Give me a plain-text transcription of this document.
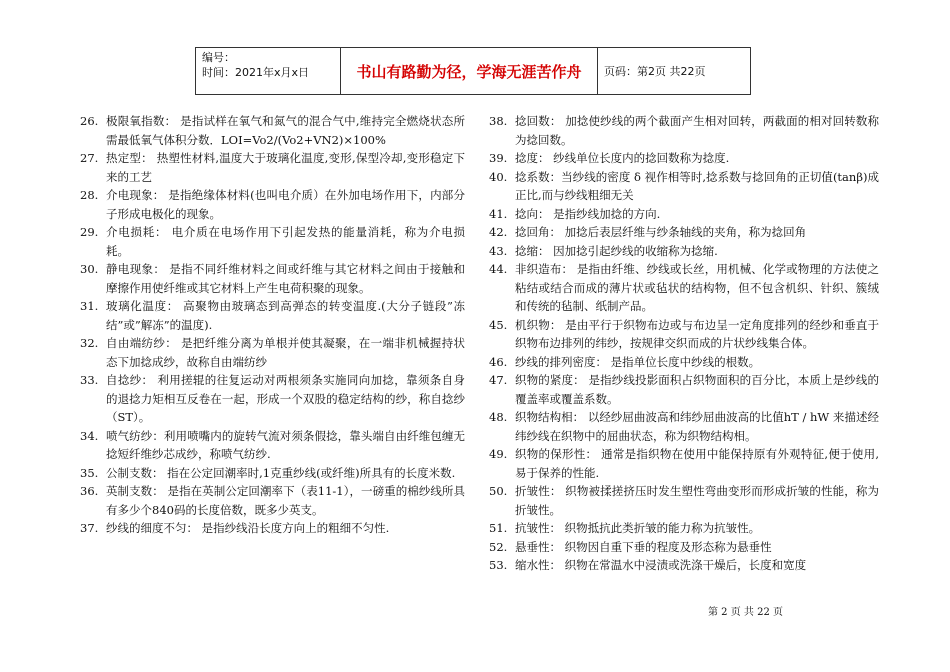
编号：
时间：2021年x月x日	书山有路勤为径，学海无涯苦作舟	页码：第2页 共22页
26. 极限氧指数： 是指试样在氧气和氮气的混合气中,维持完全燃烧状态所需最低氧气体积分数．LOI=Vo2/(Vo2+VN2)×100%
27. 热定型： 热塑性材料,温度大于玻璃化温度,变形,保型冷却,变形稳定下来的工艺
28. 介电现象： 是指绝缘体材料(也叫电介质）在外加电场作用下，内部分子形成电极化的现象。
29. 介电损耗： 电介质在电场作用下引起发热的能量消耗，称为介电损耗。
30. 静电现象： 是指不同纤维材料之间或纤维与其它材料之间由于接触和摩擦作用使纤维或其它材料上产生电荷积聚的现象。
31. 玻璃化温度： 高聚物由玻璃态到高弹态的转变温度.(大分子链段”冻结”或”解冻”的温度).
32. 自由端纺纱： 是把纤维分离为单根并使其凝聚，在一端非机械握持状态下加捻成纱，故称自由端纺纱
33. 自捻纱： 利用搓辊的往复运动对两根须条实施同向加捻，靠须条自身的退捻力矩相互反卷在一起，形成一个双股的稳定结构的纱，称自捻纱（ST）。
34. 喷气纺纱：利用喷嘴内的旋转气流对须条假捻，靠头端自由纤维包缠无捻短纤维纱芯成纱，称喷气纺纱.
35. 公制支数： 指在公定回潮率时,1克重纱线(或纤维)所具有的长度米数.
36. 英制支数： 是指在英制公定回潮率下（表11-1），一磅重的棉纱线所具有多少个840码的长度倍数，既多少英支。
37. 纱线的细度不匀： 是指纱线沿长度方向上的粗细不匀性.
38. 捻回数： 加捻使纱线的两个截面产生相对回转，两截面的相对回转数称为捻回数。
39. 捻度： 纱线单位长度内的捻回数称为捻度.
40. 捻系数：当纱线的密度 δ 视作相等时,捻系数与捻回角的正切值(tanβ)成正比,而与纱线粗细无关
41. 捻向： 是指纱线加捻的方向.
42. 捻回角： 加捻后表层纤维与纱条轴线的夹角，称为捻回角
43. 捻缩： 因加捻引起纱线的收缩称为捻缩.
44. 非织造布： 是指由纤维、纱线或长丝，用机械、化学或物理的方法使之粘结或结合而成的薄片状或毡状的结构物，但不包含机织、针织、簇绒和传统的毡制、纸制产品。
45. 机织物： 是由平行于织物布边或与布边呈一定角度排列的经纱和垂直于织物布边排列的纬纱，按规律交织而成的片状纱线集合体。
46. 纱线的排列密度： 是指单位长度中纱线的根数。
47. 织物的紧度： 是指纱线投影面积占织物面积的百分比，本质上是纱线的覆盖率或覆盖系数。
48. 织物结构相： 以经纱屈曲波高和纬纱屈曲波高的比值hT / hW 来描述经纬纱线在织物中的屈曲状态，称为织物结构相。
49. 织物的保形性： 通常是指织物在使用中能保持原有外观特征,便于使用,易于保养的性能.
50. 折皱性： 织物被揉搓挤压时发生塑性弯曲变形而形成折皱的性能，称为折皱性。
51. 抗皱性： 织物抵抗此类折皱的能力称为抗皱性。
52. 悬垂性： 织物因自重下垂的程度及形态称为悬垂性
53. 缩水性： 织物在常温水中浸渍或洗涤干燥后，长度和宽度
第 2 页 共 22 页
